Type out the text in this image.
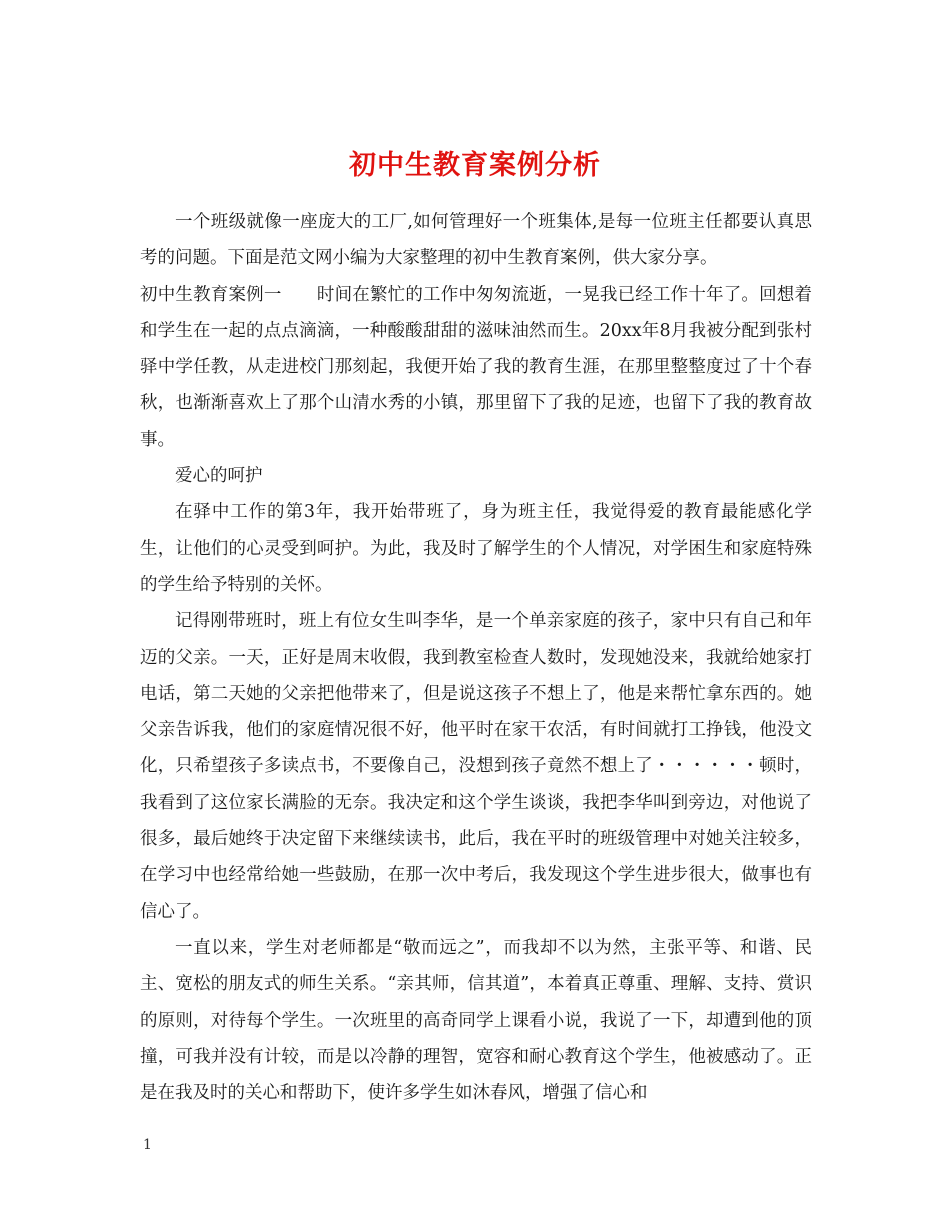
初中生教育案例分析

一个班级就像一座庞大的工厂,如何管理好一个班集体,是每一位班主任都要认真思考的问题。下面是范文网小编为大家整理的初中生教育案例，供大家分享。

初中生教育案例一　　时间在繁忙的工作中匆匆流逝，一晃我已经工作十年了。回想着和学生在一起的点点滴滴，一种酸酸甜甜的滋味油然而生。20xx年8月我被分配到张村驿中学任教，从走进校门那刻起，我便开始了我的教育生涯，在那里整整度过了十个春秋，也渐渐喜欢上了那个山清水秀的小镇，那里留下了我的足迹，也留下了我的教育故事。

爱心的呵护

在驿中工作的第3年，我开始带班了，身为班主任，我觉得爱的教育最能感化学生，让他们的心灵受到呵护。为此，我及时了解学生的个人情况，对学困生和家庭特殊的学生给予特别的关怀。

记得刚带班时，班上有位女生叫李华，是一个单亲家庭的孩子，家中只有自己和年迈的父亲。一天，正好是周末收假，我到教室检查人数时，发现她没来，我就给她家打电话，第二天她的父亲把他带来了，但是说这孩子不想上了，他是来帮忙拿东西的。她父亲告诉我，他们的家庭情况很不好，他平时在家干农活，有时间就打工挣钱，他没文化，只希望孩子多读点书，不要像自己，没想到孩子竟然不想上了・・・・・・顿时，我看到了这位家长满脸的无奈。我决定和这个学生谈谈，我把李华叫到旁边，对他说了很多，最后她终于决定留下来继续读书，此后，我在平时的班级管理中对她关注较多，在学习中也经常给她一些鼓励，在那一次中考后，我发现这个学生进步很大，做事也有信心了。

一直以来，学生对老师都是“敬而远之”，而我却不以为然，主张平等、和谐、民主、宽松的朋友式的师生关系。“亲其师，信其道”，本着真正尊重、理解、支持、赏识的原则，对待每个学生。一次班里的高奇同学上课看小说，我说了一下，却遭到他的顶撞，可我并没有计较，而是以冷静的理智，宽容和耐心教育这个学生，他被感动了。正是在我及时的关心和帮助下，使许多学生如沐春风，增强了信心和

1
